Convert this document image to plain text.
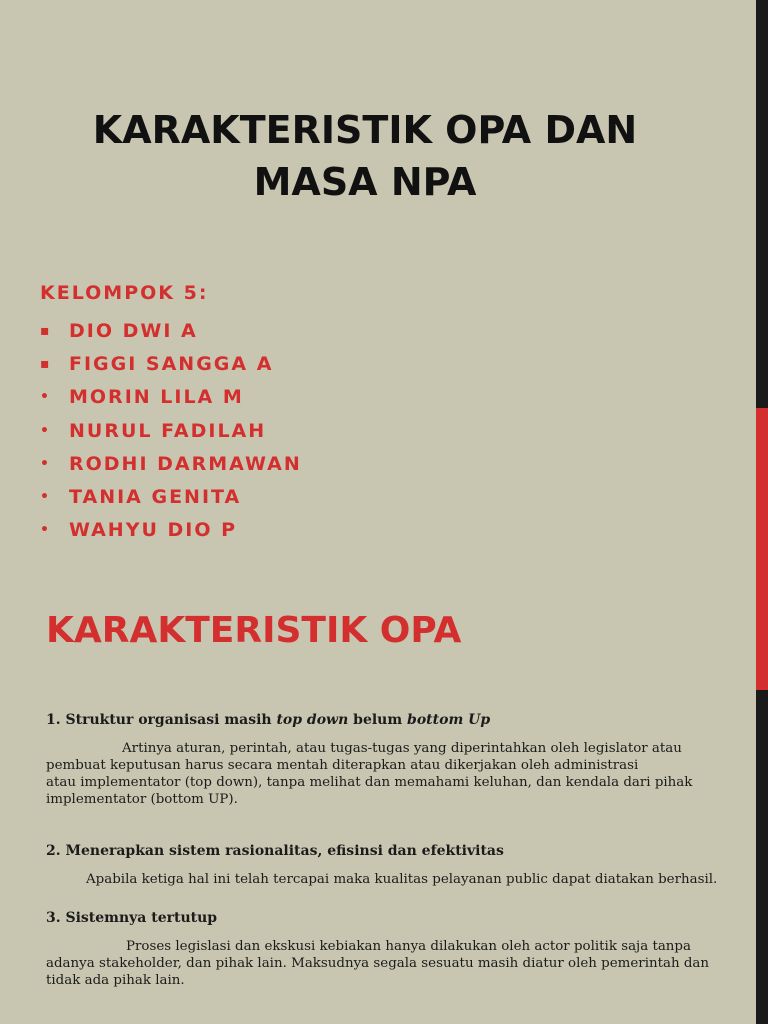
KARAKTERISTIK OPA DAN
MASA NPA

KELOMPOK 5:

▪	DIO DWI A
▪	FIGGI SANGGA A
•	MORIN LILA M
•	NURUL FADILAH
•	RODHI DARMAWAN
•	TANIA GENITA
•	WAHYU DIO P
KARAKTERISTIK OPA

1. Struktur organisasi masih top down belum bottom Up

Artinya aturan, perintah, atau tugas-tugas yang diperintahkan oleh legislator atau
pembuat keputusan harus secara mentah diterapkan atau dikerjakan oleh administrasi
atau implementator (top down), tanpa melihat dan memahami keluhan, dan kendala dari pihak
implementator (bottom UP).

2. Menerapkan sistem rasionalitas, efisinsi dan efektivitas

Apabila ketiga hal ini telah tercapai maka kualitas pelayanan public dapat diatakan berhasil.

3. Sistemnya tertutup

Proses legislasi dan ekskusi kebiakan hanya dilakukan oleh actor politik saja tanpa
adanya stakeholder, dan pihak lain. Maksudnya segala sesuatu masih diatur oleh pemerintah dan
tidak ada pihak lain.
